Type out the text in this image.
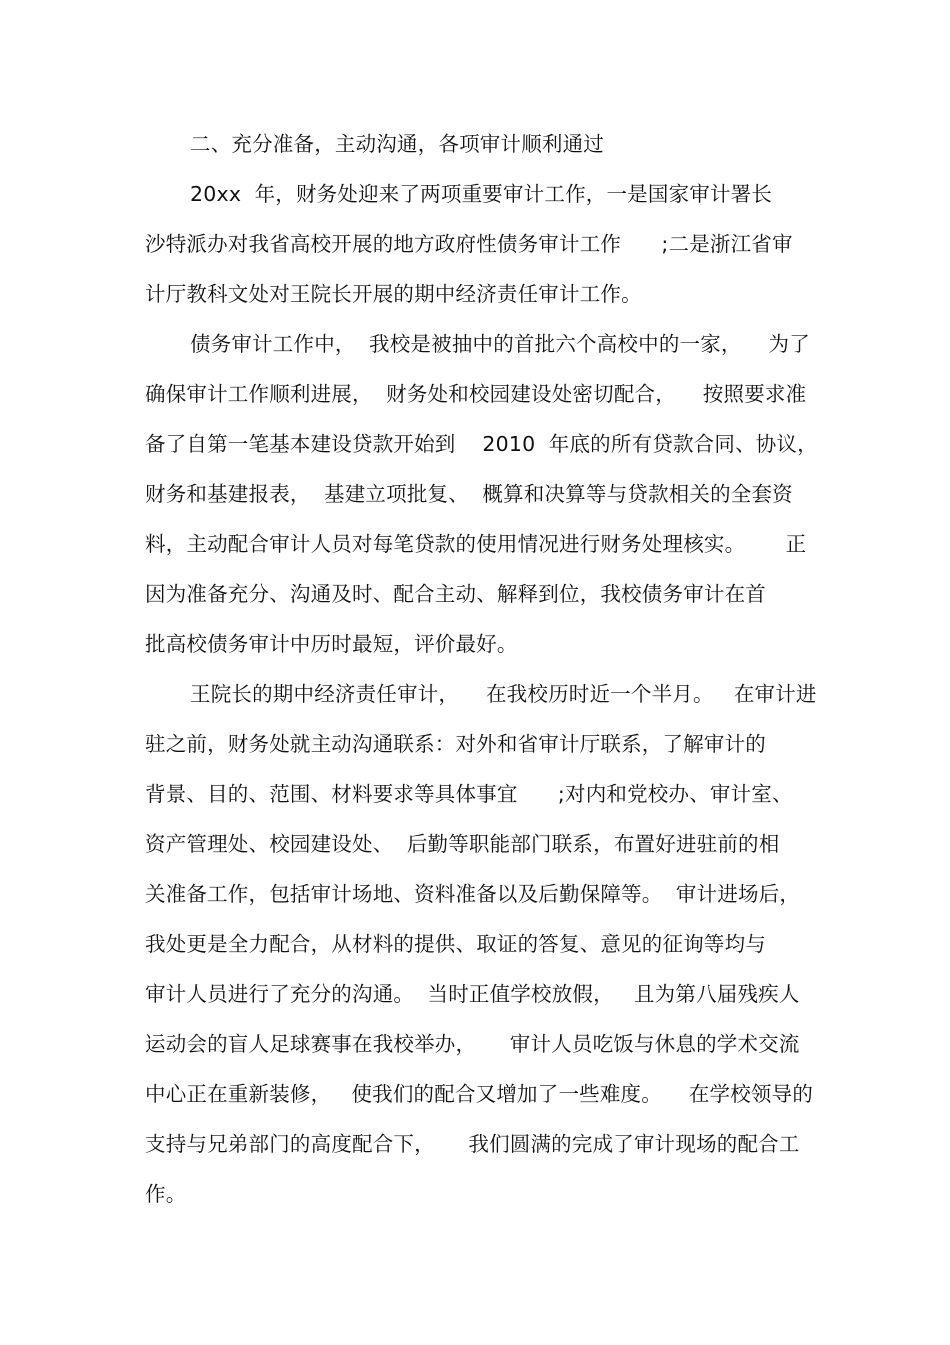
二、充分准备，主动沟通，各项审计顺利通过
20xx  年，财务处迎来了两项重要审计工作，一是国家审计署长
沙特派办对我省高校开展的地方政府性债务审计工作      ;二是浙江省审
计厅教科文处对王院长开展的期中经济责任审计工作。
债务审计工作中，  我校是被抽中的首批六个高校中的一家，    为了
确保审计工作顺利进展，  财务处和校园建设处密切配合，    按照要求准
备了自第一笔基本建设贷款开始到    2010  年底的所有贷款合同、协议，
财务和基建报表，  基建立项批复、  概算和决算等与贷款相关的全套资
料，主动配合审计人员对每笔贷款的使用情况进行财务处理核实。      正
因为准备充分、沟通及时、配合主动、解释到位，我校债务审计在首
批高校债务审计中历时最短，评价最好。
王院长的期中经济责任审计，    在我校历时近一个半月。   在审计进
驻之前，财务处就主动沟通联系：对外和省审计厅联系，了解审计的
背景、目的、范围、材料要求等具体事宜      ;对内和党校办、审计室、
资产管理处、校园建设处、  后勤等职能部门联系，布置好进驻前的相
关准备工作，包括审计场地、资料准备以及后勤保障等。  审计进场后，
我处更是全力配合，从材料的提供、取证的答复、意见的征询等均与
审计人员进行了充分的沟通。  当时正值学校放假，   且为第八届残疾人
运动会的盲人足球赛事在我校举办，     审计人员吃饭与休息的学术交流
中心正在重新装修，   使我们的配合又增加了一些难度。    在学校领导的
支持与兄弟部门的高度配合下，     我们圆满的完成了审计现场的配合工
作。
